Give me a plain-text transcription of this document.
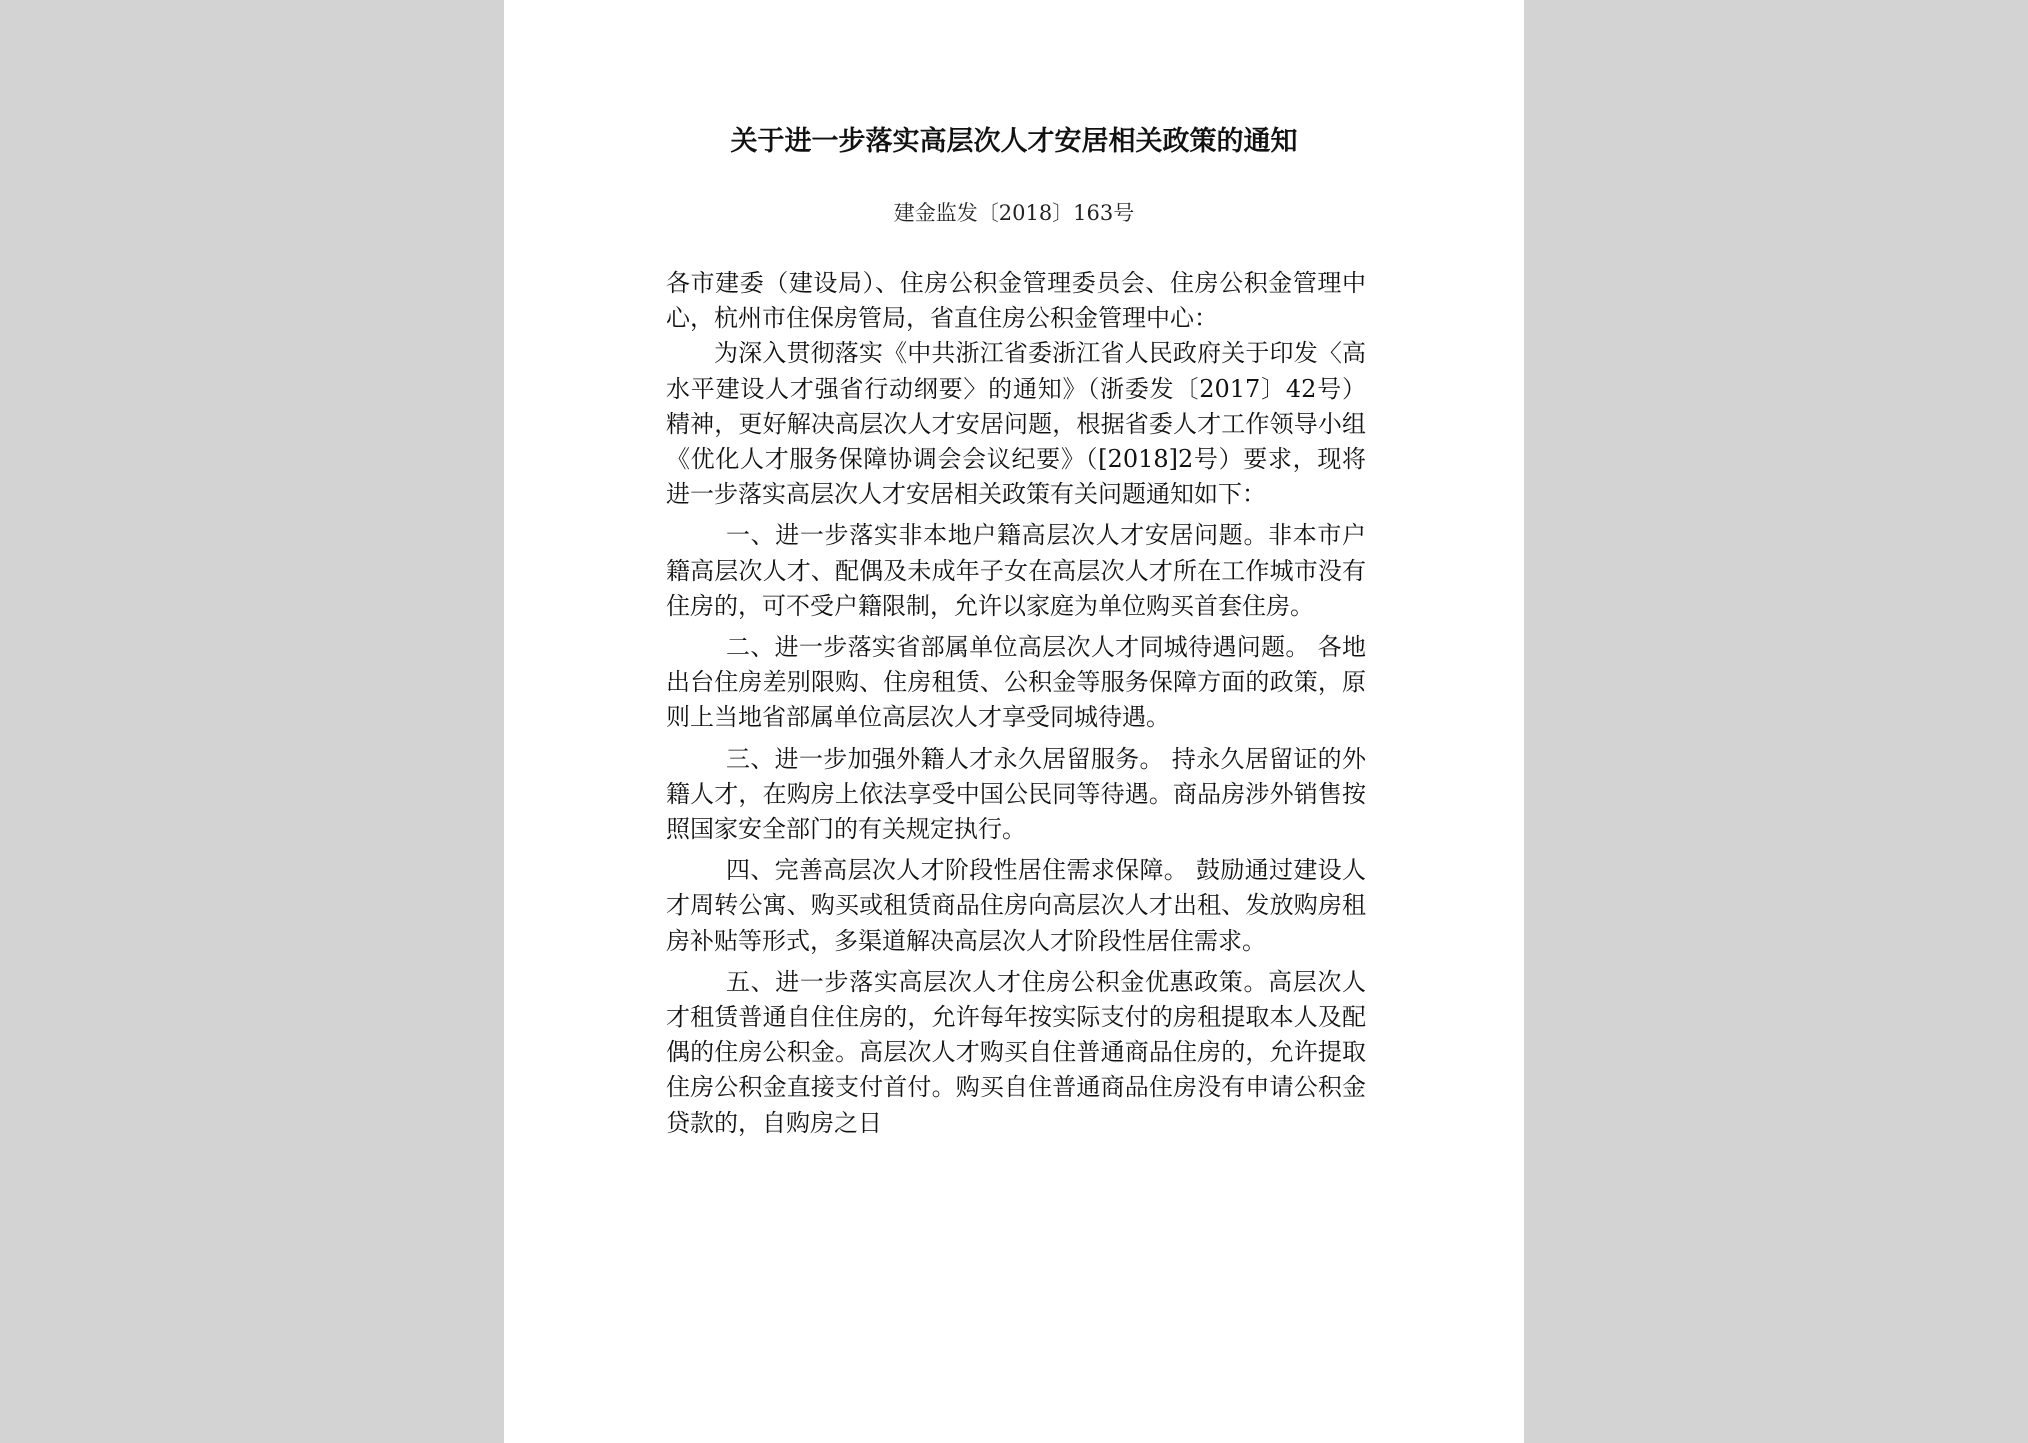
关于进一步落实高层次人才安居相关政策的通知
建金监发〔2018〕163号

各市建委（建设局）、住房公积金管理委员会、住房公积金管理中心，杭州市住保房管局，省直住房公积金管理中心：

为深入贯彻落实《中共浙江省委浙江省人民政府关于印发〈高水平建设人才强省行动纲要〉的通知》（浙委发〔2017〕42号）精神，更好解决高层次人才安居问题，根据省委人才工作领导小组《优化人才服务保障协调会会议纪要》（[2018]2号）要求，现将进一步落实高层次人才安居相关政策有关问题通知如下：

一、进一步落实非本地户籍高层次人才安居问题。非本市户籍高层次人才、配偶及未成年子女在高层次人才所在工作城市没有住房的，可不受户籍限制，允许以家庭为单位购买首套住房。

二、进一步落实省部属单位高层次人才同城待遇问题。 各地出台住房差别限购、住房租赁、公积金等服务保障方面的政策，原则上当地省部属单位高层次人才享受同城待遇。

三、进一步加强外籍人才永久居留服务。 持永久居留证的外籍人才，在购房上依法享受中国公民同等待遇。商品房涉外销售按照国家安全部门的有关规定执行。

四、完善高层次人才阶段性居住需求保障。 鼓励通过建设人才周转公寓、购买或租赁商品住房向高层次人才出租、发放购房租房补贴等形式，多渠道解决高层次人才阶段性居住需求。

五、进一步落实高层次人才住房公积金优惠政策。高层次人才租赁普通自住住房的，允许每年按实际支付的房租提取本人及配偶的住房公积金。高层次人才购买自住普通商品住房的，允许提取住房公积金直接支付首付。购买自住普通商品住房没有申请公积金贷款的，自购房之日
